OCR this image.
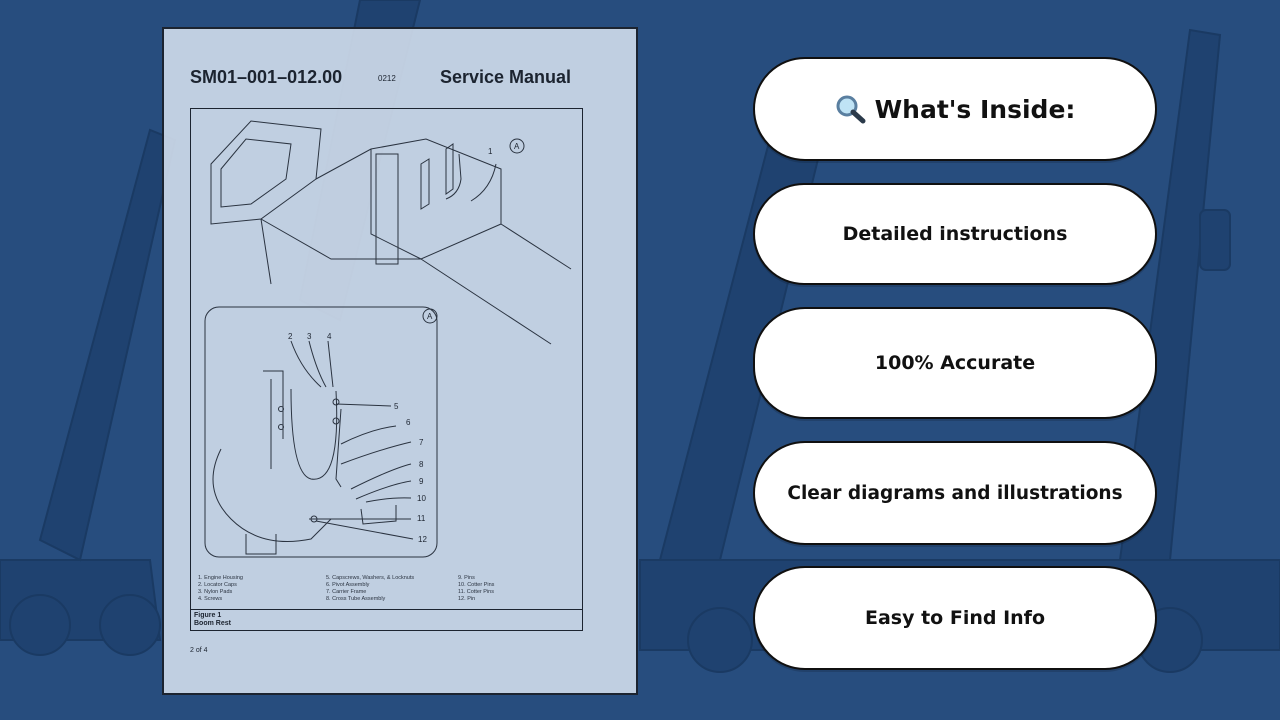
SM01–001–012.00	0212 Service Manual
1
2 3 4
5
6
7
8
9
10
11
12
A
A
1. Engine Housing
2. Locator Caps
3. Nylon Pads
4. Screws
5. Capscrews, Washers, & Locknuts
6. Pivot Assembly
7. Carrier Frame
8. Cross Tube Assembly
9. Pins
10. Cotter Pins
11. Cotter Pins
12. Pin
Figure 1
Boom Rest
2 of 4
What's Inside:
Detailed instructions
100% Accurate
Clear diagrams and illustrations
Easy to Find Info
